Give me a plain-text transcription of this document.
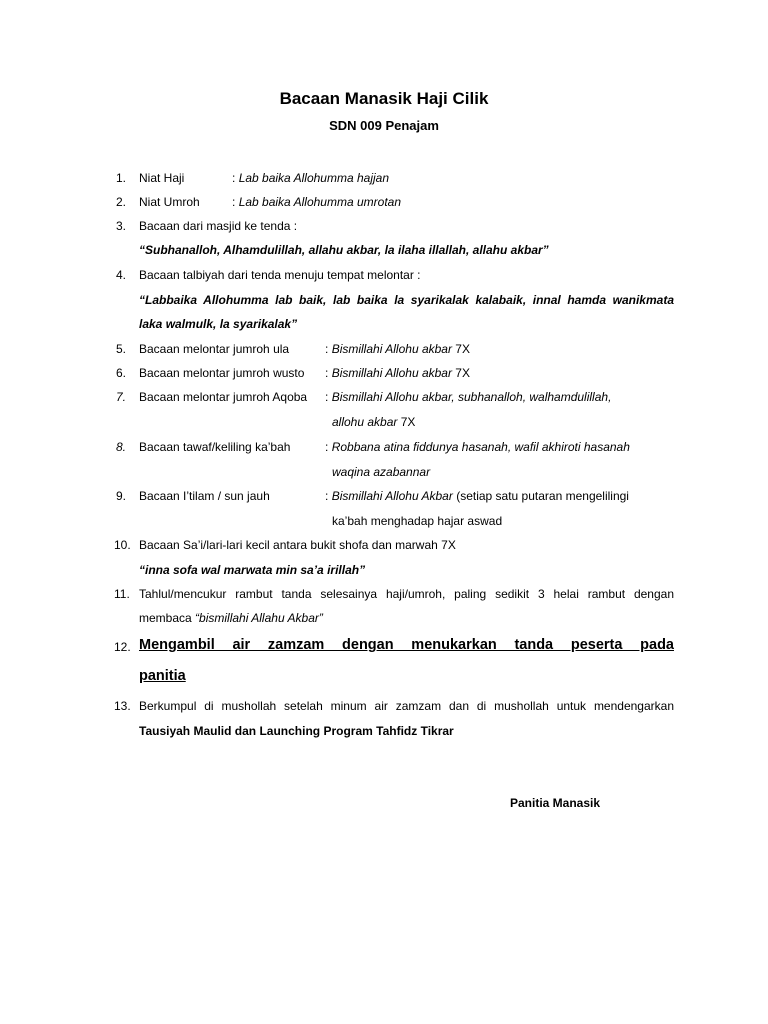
Bacaan Manasik Haji Cilik
SDN 009 Penajam
1. Niat Haji	: Lab baika Allohumma hajjan
2. Niat Umroh	: Lab baika Allohumma umrotan
3. Bacaan dari masjid ke tenda :
“Subhanalloh, Alhamdulillah, allahu akbar, la ilaha illallah, allahu akbar”
4. Bacaan talbiyah dari tenda menuju tempat melontar :
“Labbaika Allohumma lab baik, lab baika la syarikalak kalabaik, innal hamda wanikmata
laka walmulk, la syarikalak”
5. Bacaan melontar jumroh ula	: Bismillahi Allohu akbar 7X
6. Bacaan melontar jumroh wusto : Bismillahi Allohu akbar 7X
7. Bacaan melontar jumroh Aqoba : Bismillahi Allohu akbar, subhanalloh, walhamdulillah,
allohu akbar 7X
8. Bacaan tawaf/keliling ka’bah	: Robbana atina fiddunya hasanah, wafil akhiroti hasanah
waqina azabannar
9. Bacaan I’tilam / sun jauh	: Bismillahi Allohu Akbar (setiap satu putaran mengelilingi
ka’bah menghadap hajar aswad
10. Bacaan Sa’i/lari-lari kecil antara bukit shofa dan marwah 7X
“inna sofa wal marwata min sa’a irillah”
11. Tahlul/mencukur rambut tanda selesainya haji/umroh, paling sedikit 3 helai rambut dengan
membaca “bismillahi Allahu Akbar”
12. Mengambil air zamzam dengan menukarkan tanda peserta pada
panitia
13. Berkumpul di mushollah setelah minum air zamzam dan di mushollah untuk mendengarkan
Tausiyah Maulid dan Launching Program Tahfidz Tikrar
Panitia Manasik
